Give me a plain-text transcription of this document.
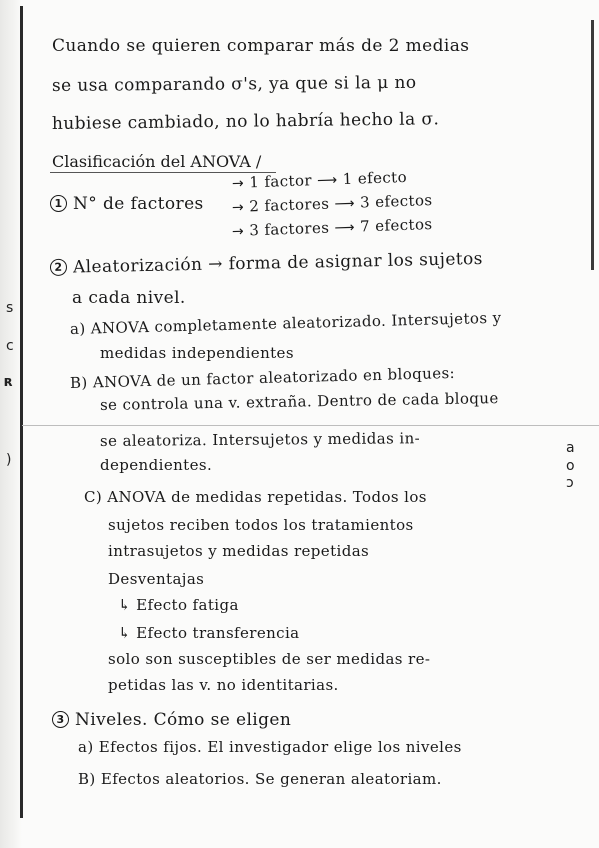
s
c
ʀ
)
a
o
ɔ
Cuando se quieren comparar más de 2 medias
se usa comparando σ's, ya que si la μ no
hubiese cambiado, no lo habría hecho la σ.
Clasificación del ANOVA /
1 N° de factores
→ 1 factor ⟶ 1 efecto
→ 2 factores ⟶ 3 efectos
→ 3 factores ⟶ 7 efectos
2 Aleatorización → forma de asignar los sujetos
a cada nivel.
a) ANOVA completamente aleatorizado. Intersujetos y
medidas independientes
B) ANOVA de un factor aleatorizado en bloques:
se controla una v. extraña. Dentro de cada bloque
se aleatoriza. Intersujetos y medidas in-
dependientes.
C) ANOVA de medidas repetidas. Todos los
sujetos reciben todos los tratamientos
intrasujetos y medidas repetidas
Desventajas
↳ Efecto fatiga
↳ Efecto transferencia
solo son susceptibles de ser medidas re-
petidas las v. no identitarias.
3 Niveles. Cómo se eligen
a) Efectos fijos. El investigador elige los niveles
B) Efectos aleatorios. Se generan aleatoriam.
